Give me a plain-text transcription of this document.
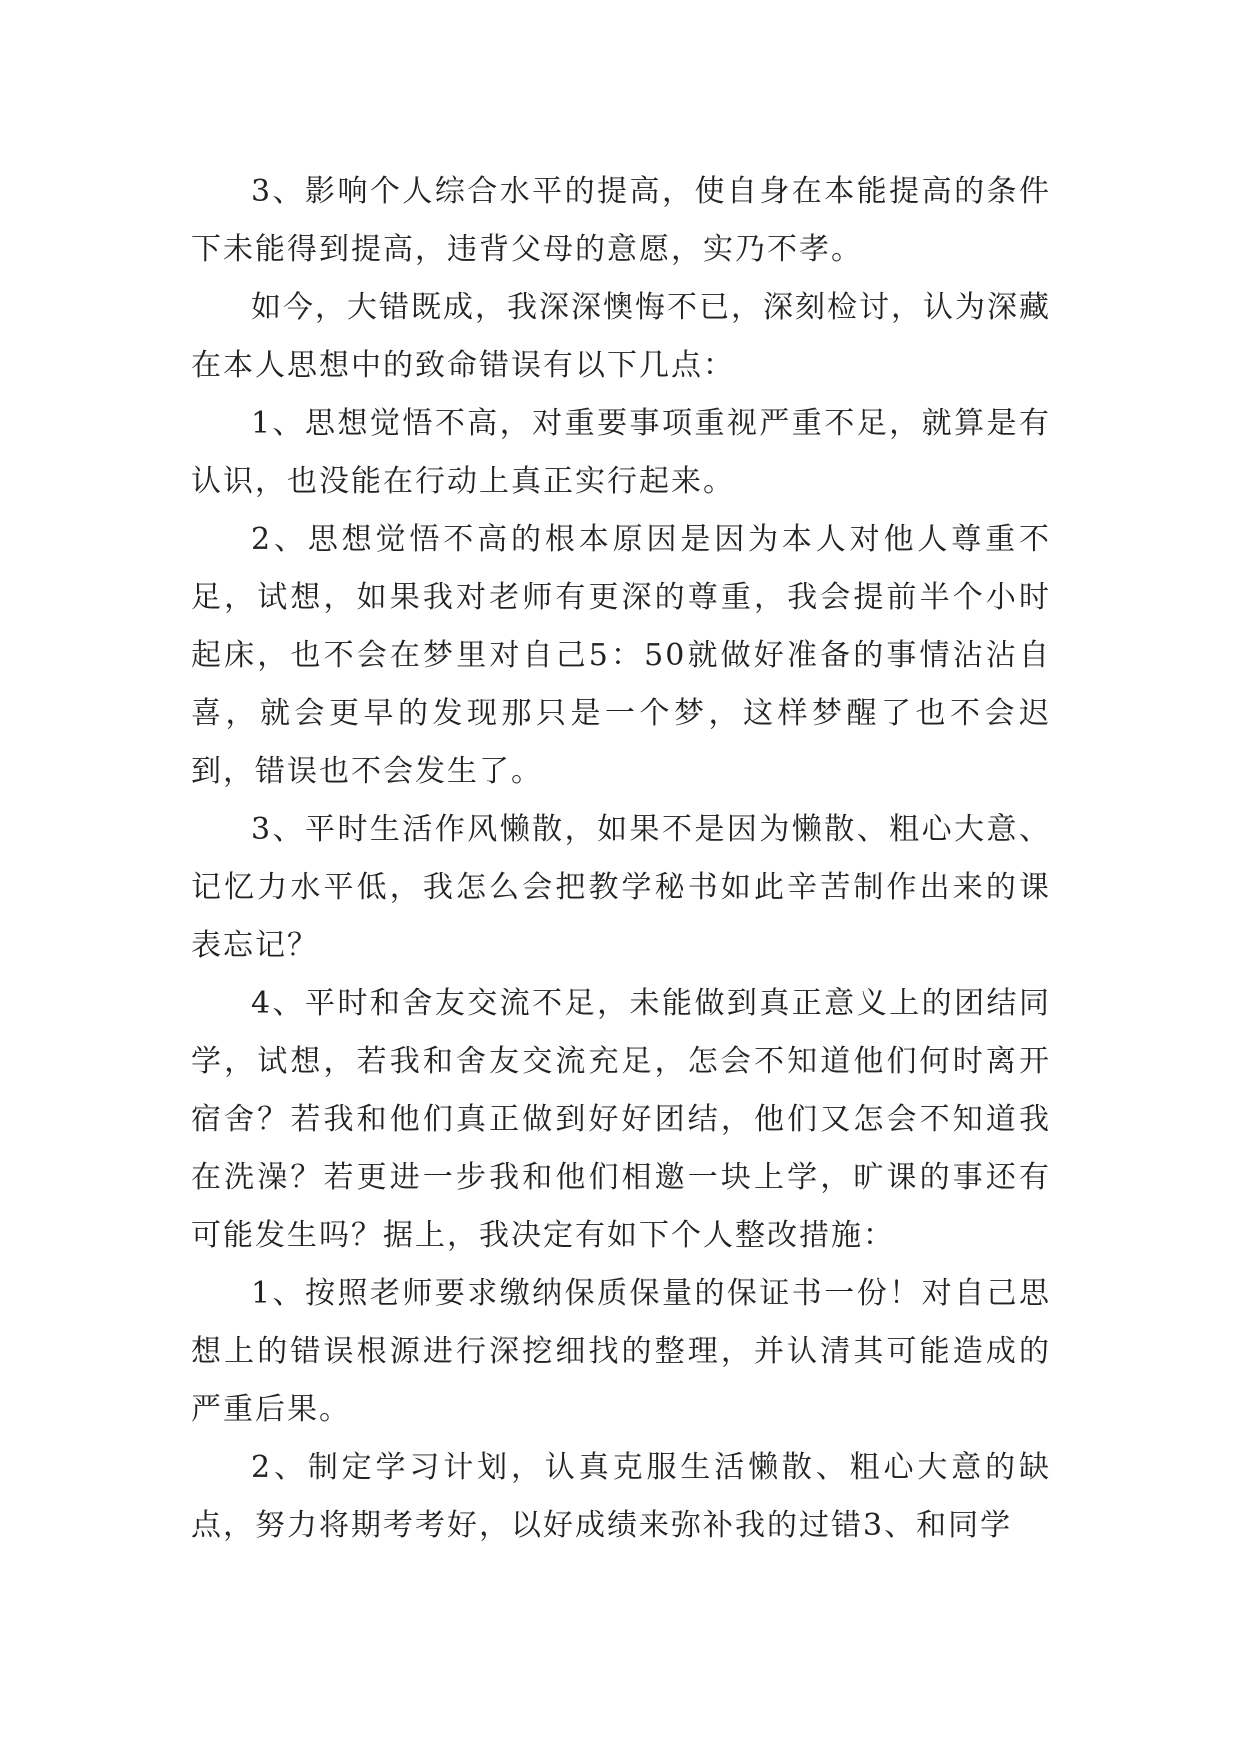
3、影响个人综合水平的提高，使自身在本能提高的条件下未能得到提高，违背父母的意愿，实乃不孝。

如今，大错既成，我深深懊悔不已，深刻检讨，认为深藏在本人思想中的致命错误有以下几点：

1、思想觉悟不高，对重要事项重视严重不足，就算是有认识，也没能在行动上真正实行起来。

2、思想觉悟不高的根本原因是因为本人对他人尊重不足，试想，如果我对老师有更深的尊重，我会提前半个小时起床，也不会在梦里对自己5：50就做好准备的事情沾沾自喜，就会更早的发现那只是一个梦，这样梦醒了也不会迟到，错误也不会发生了。

3、平时生活作风懒散，如果不是因为懒散、粗心大意、记忆力水平低，我怎么会把教学秘书如此辛苦制作出来的课表忘记？

4、平时和舍友交流不足，未能做到真正意义上的团结同学，试想，若我和舍友交流充足，怎会不知道他们何时离开宿舍？若我和他们真正做到好好团结，他们又怎会不知道我在洗澡？若更进一步我和他们相邀一块上学，旷课的事还有可能发生吗？据上，我决定有如下个人整改措施：

1、按照老师要求缴纳保质保量的保证书一份！对自己思想上的错误根源进行深挖细找的整理，并认清其可能造成的严重后果。

2、制定学习计划，认真克服生活懒散、粗心大意的缺点，努力将期考考好，以好成绩来弥补我的过错3、和同学
